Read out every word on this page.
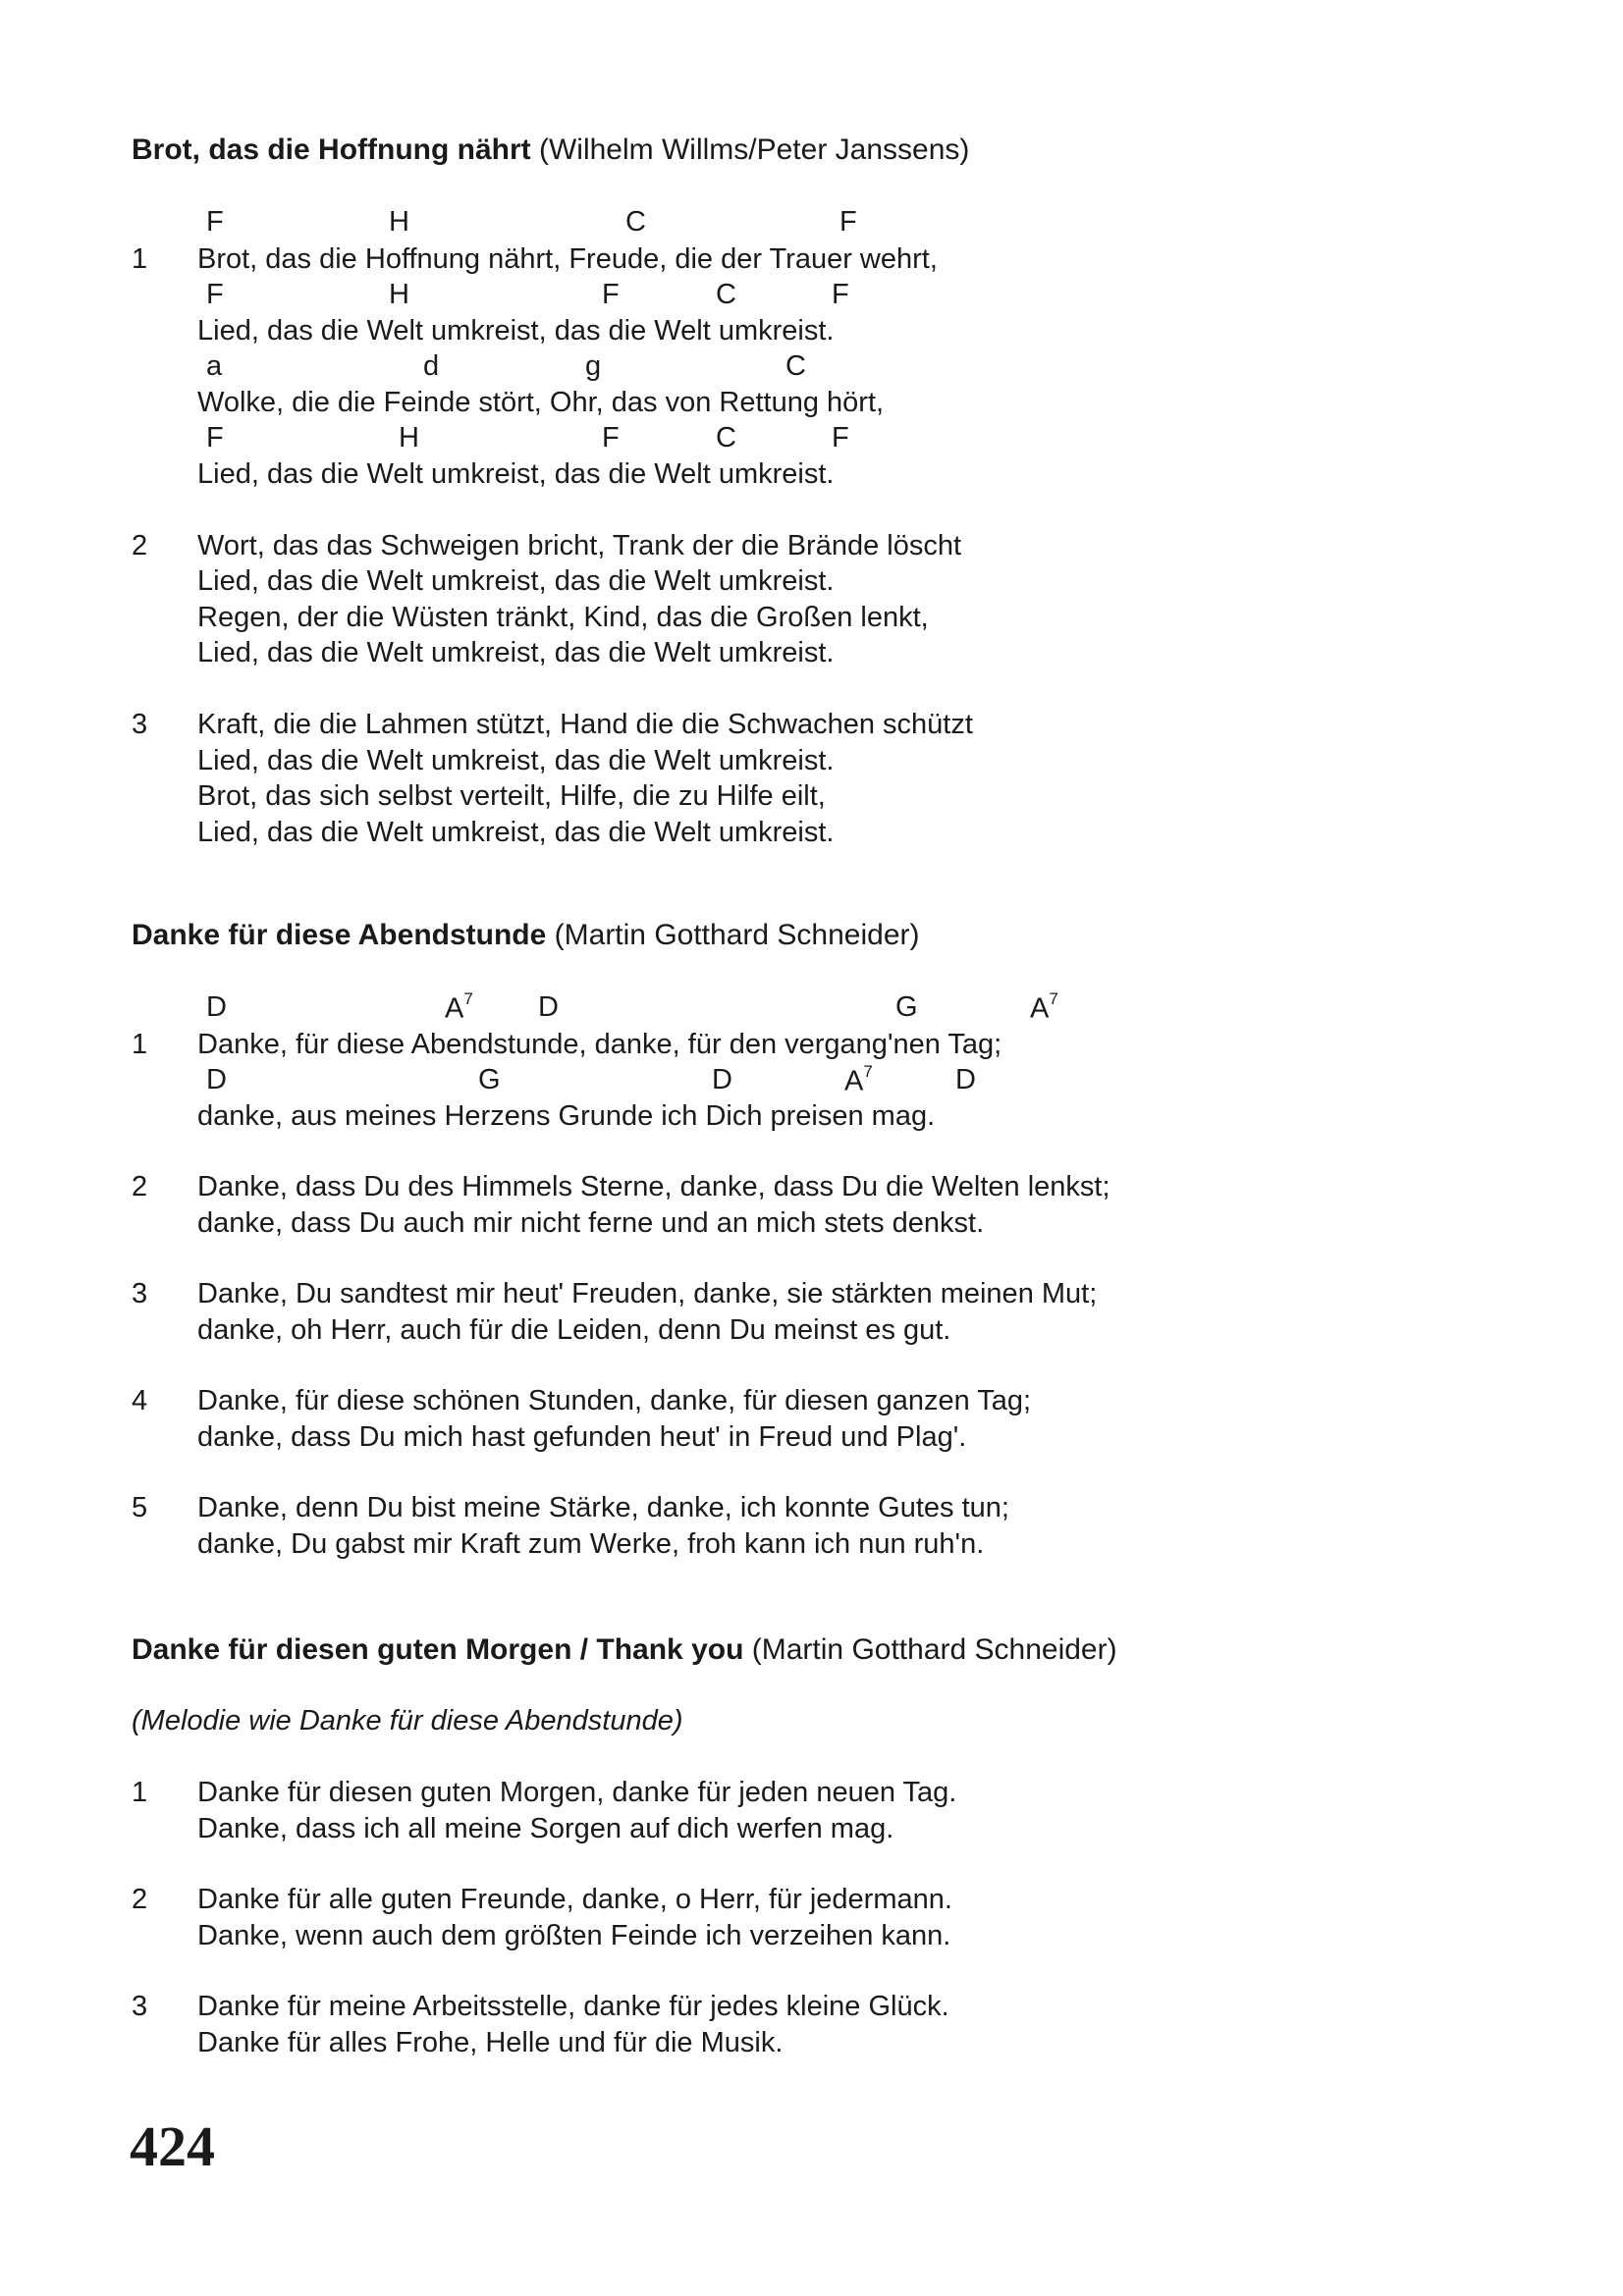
Brot, das die Hoffnung nährt (Wilhelm Willms/Peter Janssens)
F	H	C	F
1 Brot, das die Hoffnung nährt, Freude, die der Trauer wehrt,
F	H	F	C	F
Lied, das die Welt umkreist, das die Welt umkreist.
a	d	g	C
Wolke, die die Feinde stört, Ohr, das von Rettung hört,
F	H	F	C	F
Lied, das die Welt umkreist, das die Welt umkreist.
2 Wort, das das Schweigen bricht, Trank der die Brände löscht
Lied, das die Welt umkreist, das die Welt umkreist.
Regen, der die Wüsten tränkt, Kind, das die Großen lenkt,
Lied, das die Welt umkreist, das die Welt umkreist.
3 Kraft, die die Lahmen stützt, Hand die die Schwachen schützt
Lied, das die Welt umkreist, das die Welt umkreist.
Brot, das sich selbst verteilt, Hilfe, die zu Hilfe eilt,
Lied, das die Welt umkreist, das die Welt umkreist.
Danke für diese Abendstunde (Martin Gotthard Schneider)
D	$A^7$ D	G	$A^7$
1 Danke, für diese Abendstunde, danke, für den vergang'nen Tag;
D	G	D	$A^7$	D
danke, aus meines Herzens Grunde ich Dich preisen mag.
2 Danke, dass Du des Himmels Sterne, danke, dass Du die Welten lenkst;
danke, dass Du auch mir nicht ferne und an mich stets denkst.
3 Danke, Du sandtest mir heut' Freuden, danke, sie stärkten meinen Mut;
danke, oh Herr, auch für die Leiden, denn Du meinst es gut.
4 Danke, für diese schönen Stunden, danke, für diesen ganzen Tag;
danke, dass Du mich hast gefunden heut' in Freud und Plag'.
5 Danke, denn Du bist meine Stärke, danke, ich konnte Gutes tun;
danke, Du gabst mir Kraft zum Werke, froh kann ich nun ruh'n.
Danke für diesen guten Morgen / Thank you (Martin Gotthard Schneider)
(Melodie wie Danke für diese Abendstunde)
1 Danke für diesen guten Morgen, danke für jeden neuen Tag.
Danke, dass ich all meine Sorgen auf dich werfen mag.
2 Danke für alle guten Freunde, danke, o Herr, für jedermann.
Danke, wenn auch dem größten Feinde ich verzeihen kann.
3 Danke für meine Arbeitsstelle, danke für jedes kleine Glück.
Danke für alles Frohe, Helle und für die Musik.
424
